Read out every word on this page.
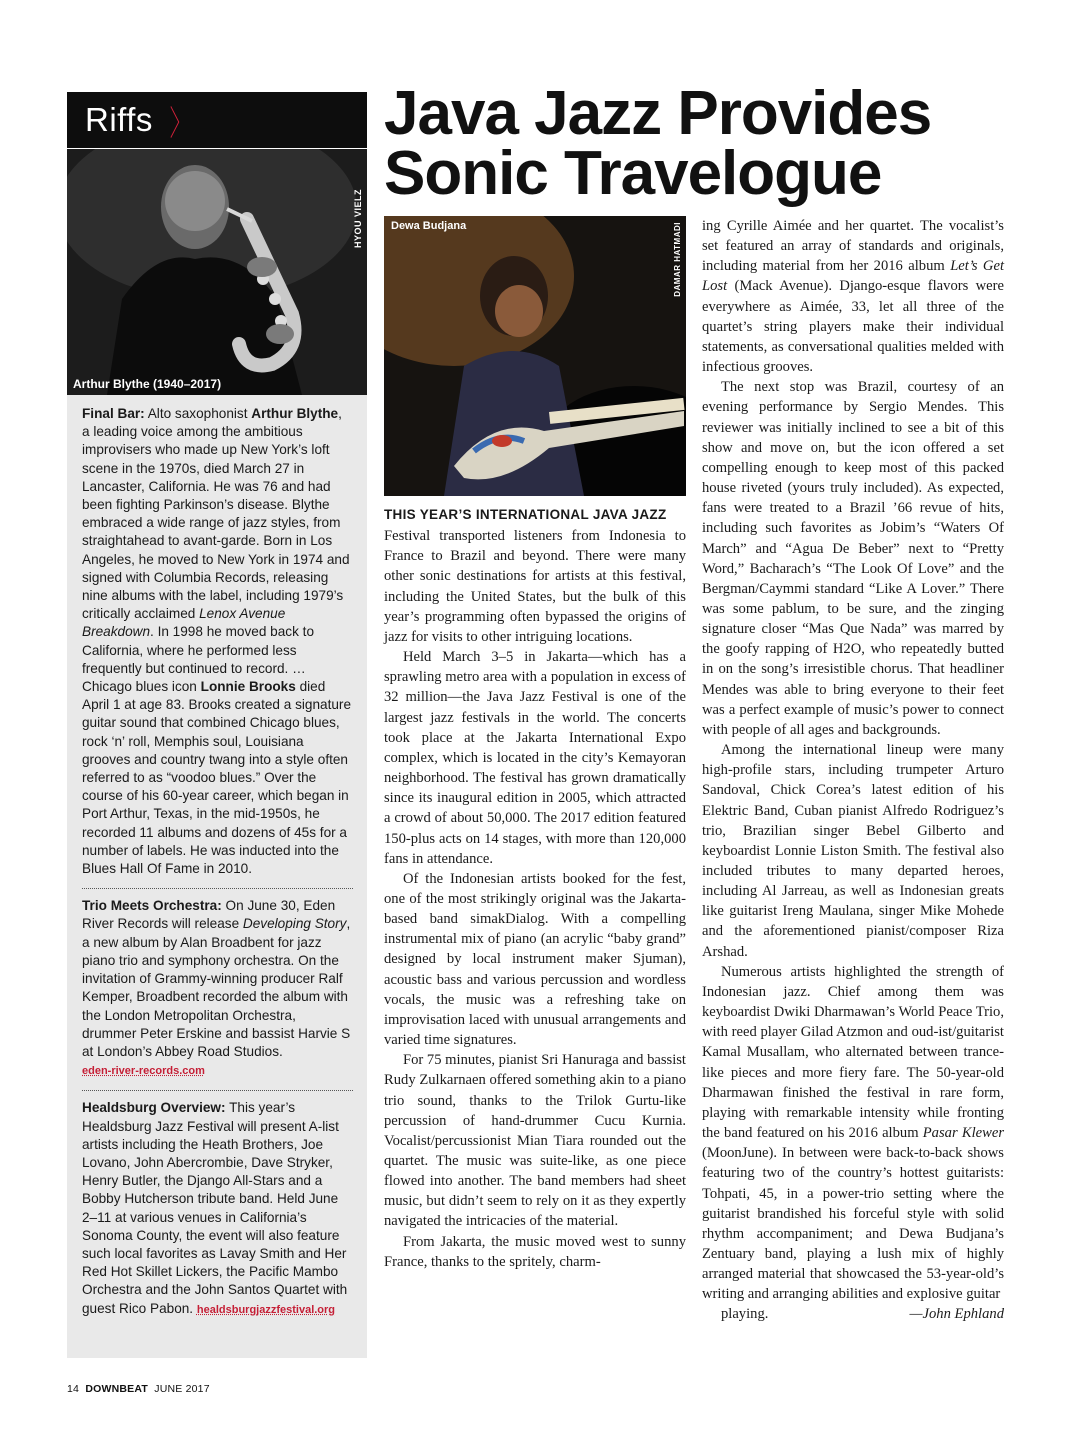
Riffs 〉
HYOU VIELZ
Arthur Blythe (1940–2017)
Final Bar: Alto saxophonist Arthur Blythe, a leading voice among the ambitious improvisers who made up New York’s loft scene in the 1970s, died March 27 in Lancaster, California. He was 76 and had been fighting Parkinson’s disease. Blythe embraced a wide range of jazz styles, from straightahead to avant-garde. Born in Los Angeles, he moved to New York in 1974 and signed with Columbia Records, releasing nine albums with the label, including 1979’s critically acclaimed Lenox Avenue Breakdown. In 1998 he moved back to California, where he performed less frequently but continued to record. … Chicago blues icon Lonnie Brooks died April 1 at age 83. Brooks created a signature guitar sound that combined Chicago blues, rock ‘n’ roll, Memphis soul, Louisiana grooves and country twang into a style often referred to as “voodoo blues.” Over the course of his 60-year career, which began in Port Arthur, Texas, in the mid-1950s, he recorded 11 albums and dozens of 45s for a number of labels. He was inducted into the Blues Hall Of Fame in 2010.
Trio Meets Orchestra: On June 30, Eden River Records will release Developing Story, a new album by Alan Broadbent for jazz piano trio and symphony orchestra. On the invitation of Grammy-winning producer Ralf Kemper, Broadbent recorded the album with the London Metropolitan Orchestra, drummer Peter Erskine and bassist Harvie S at London’s Abbey Road Studios.
eden-river-records.com
Healdsburg Overview: This year’s Healdsburg Jazz Festival will present A-list artists including the Heath Brothers, Joe Lovano, John Abercrombie, Dave Stryker, Henry Butler, the Django All-Stars and a Bobby Hutcherson tribute band. Held June 2–11 at various venues in California’s Sonoma County, the event will also feature such local favorites as Lavay Smith and Her Red Hot Skillet Lickers, the Pacific Mambo Orchestra and the John Santos Quartet with guest Rico Pabon. healdsburgjazzfestival.org
Java Jazz Provides
Sonic Travelogue
Dewa Budjana	DAMAR HATMADI

THIS YEAR’S INTERNATIONAL JAVA JAZZ
Festival transported listeners from Indonesia to France to Brazil and beyond. There were many other sonic destinations for artists at this festival, including the United States, but the bulk of this year’s programming often bypassed the origins of jazz for visits to other intriguing locations.

Held March 3–5 in Jakarta—which has a sprawling metro area with a population in excess of 32 million—the Java Jazz Festival is one of the largest jazz festivals in the world. The concerts took place at the Jakarta International Expo complex, which is located in the city’s Kemayoran neighborhood. The festival has grown dramatically since its inaugural edition in 2005, which attracted a crowd of about 50,000. The 2017 edition featured 150-plus acts on 14 stages, with more than 120,000 fans in attendance.

Of the Indonesian artists booked for the fest, one of the most strikingly original was the Jakarta-based band simakDialog. With a compelling instrumental mix of piano (an acrylic “baby grand” designed by local instrument maker Sjuman), acoustic bass and various percussion and wordless vocals, the music was a refreshing take on improvisation laced with unusual arrangements and varied time signatures.

For 75 minutes, pianist Sri Hanuraga and bassist Rudy Zulkarnaen offered something akin to a piano trio sound, thanks to the Trilok Gurtu-like percussion of hand-drummer Cucu Kurnia. Vocalist/percussionist Mian Tiara rounded out the quartet. The music was suite-like, as one piece flowed into another. The band members had sheet music, but didn’t seem to rely on it as they expertly navigated the intricacies of the material.

From Jakarta, the music moved west to sunny France, thanks to the spritely, charm-

ing Cyrille Aimée and her quartet. The vocalist’s set featured an array of standards and originals, including material from her 2016 album Let’s Get Lost (Mack Avenue). Django-esque flavors were everywhere as Aimée, 33, let all three of the quartet’s string players make their individual statements, as conversational qualities melded with infectious grooves.

The next stop was Brazil, courtesy of an evening performance by Sergio Mendes. This reviewer was initially inclined to see a bit of this show and move on, but the icon offered a set compelling enough to keep most of this packed house riveted (yours truly included). As expected, fans were treated to a Brazil ’66 revue of hits, including such favorites as Jobim’s “Waters Of March” and “Agua De Beber” next to “Pretty Word,” Bacharach’s “The Look Of Love” and the Bergman/Caymmi standard “Like A Lover.” There was some pablum, to be sure, and the zinging signature closer “Mas Que Nada” was marred by the goofy rapping of H2O, who repeatedly butted in on the song’s irresistible chorus. That headliner Mendes was able to bring everyone to their feet was a perfect example of music’s power to connect with people of all ages and backgrounds.

Among the international lineup were many high-profile stars, including trumpeter Arturo Sandoval, Chick Corea’s latest edition of his Elektric Band, Cuban pianist Alfredo Rodriguez’s trio, Brazilian singer Bebel Gilberto and keyboardist Lonnie Liston Smith. The festival also included tributes to many departed heroes, including Al Jarreau, as well as Indonesian greats like guitarist Ireng Maulana, singer Mike Mohede and the aforementioned pianist/composer Riza Arshad.

Numerous artists highlighted the strength of Indonesian jazz. Chief among them was keyboardist Dwiki Dharmawan’s World Peace Trio, with reed player Gilad Atzmon and oud-ist/guitarist Kamal Musallam, who alternated between trance-like pieces and more fiery fare. The 50-year-old Dharmawan finished the festival in rare form, playing with remarkable intensity while fronting the band featured on his 2016 album Pasar Klewer (MoonJune). In between were back-to-back shows featuring two of the country’s hottest guitarists: Tohpati, 45, in a power-trio setting where the guitarist brandished his forceful style with solid rhythm accompaniment; and Dewa Budjana’s Zentuary band, playing a lush mix of highly arranged material that showcased the 53-year-old’s writing and arranging abilities and explosive guitar

playing.	—John Ephland

14 DOWNBEAT JUNE 2017
